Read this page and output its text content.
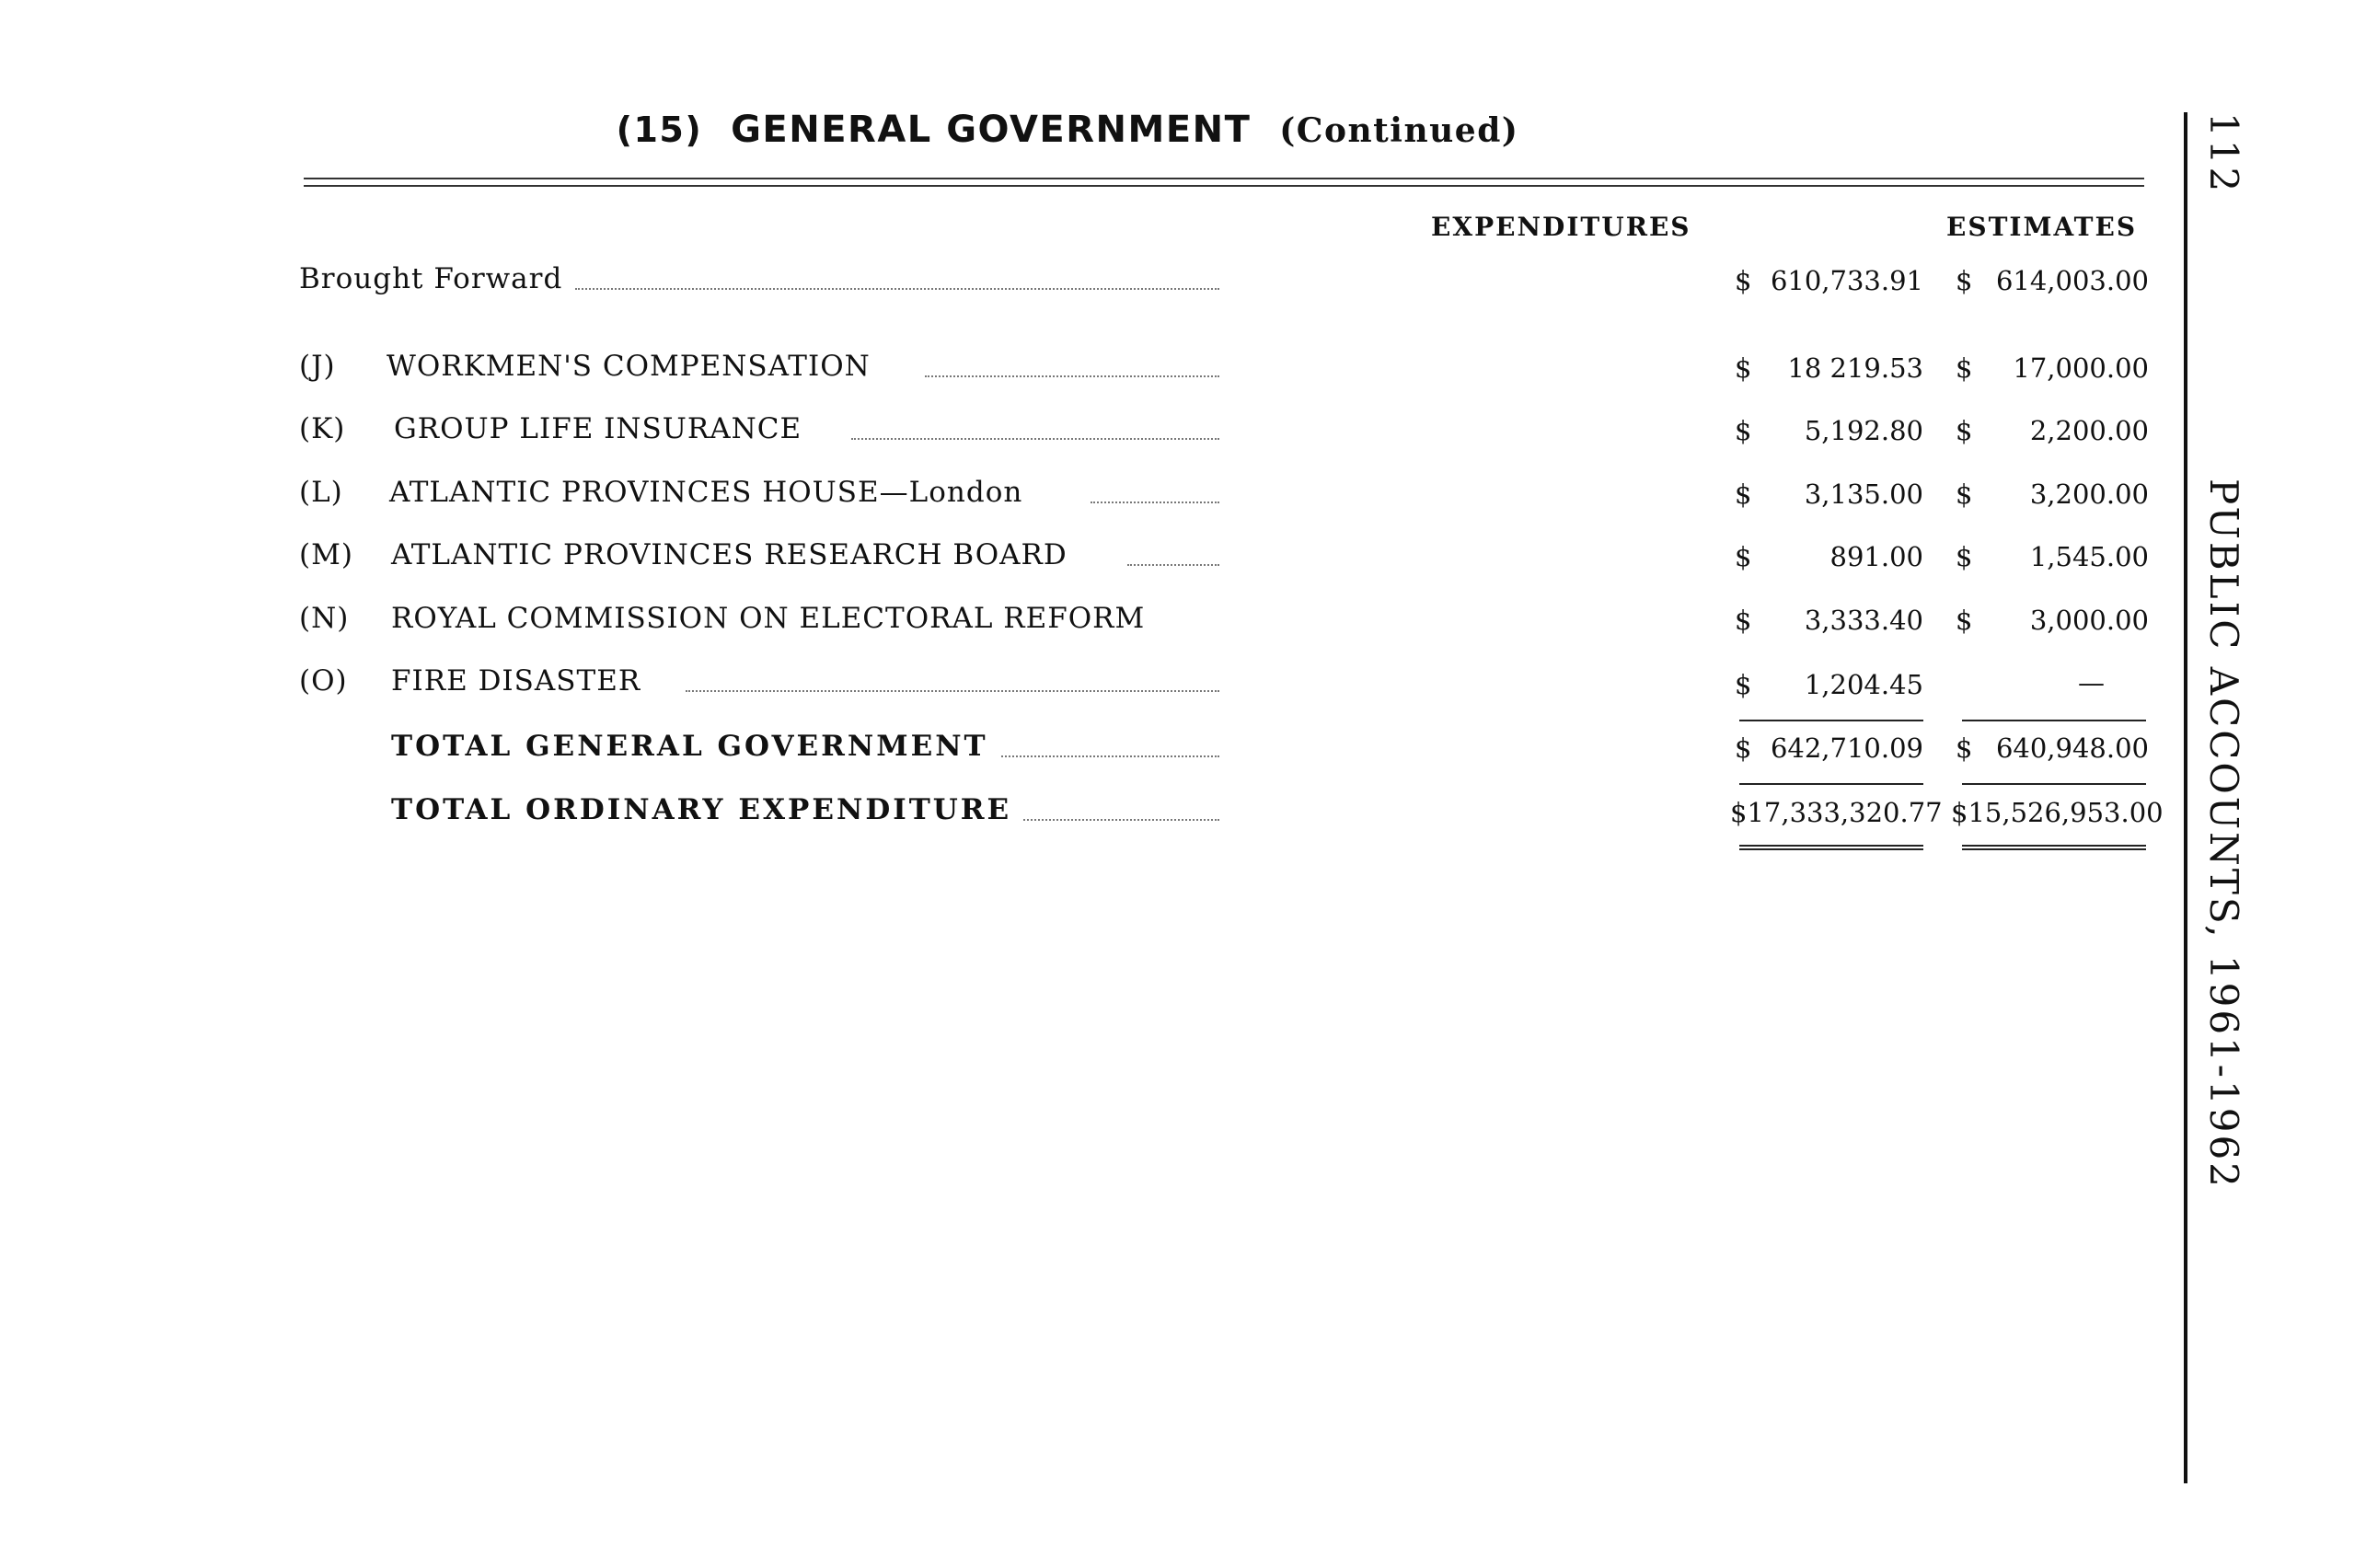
(15) GENERAL GOVERNMENT (Continued)
EXPENDITURES	ESTIMATES
Brought Forward	$ 610,733.91 $ 614,003.00
(J)	WORKMEN'S COMPENSATION	$	18 219.53 $	17,000.00
(K)	GROUP LIFE INSURANCE	$	5,192.80 $	2,200.00
(L)	ATLANTIC PROVINCES HOUSE—London	$	3,135.00 $	3,200.00
(M)	ATLANTIC PROVINCES RESEARCH BOARD	$	891.00 $	1,545.00
(N)	ROYAL COMMISSION ON ELECTORAL REFORM	$	3,333.40 $	3,000.00
(O)	FIRE DISASTER	$	1,204.45	—
TOTAL GENERAL GOVERNMENT	$ 642,710.09 $ 640,948.00
TOTAL ORDINARY EXPENDITURE	$17,333,320.77 $15,526,953.00
112
PUBLIC ACCOUNTS, 1961-1962
